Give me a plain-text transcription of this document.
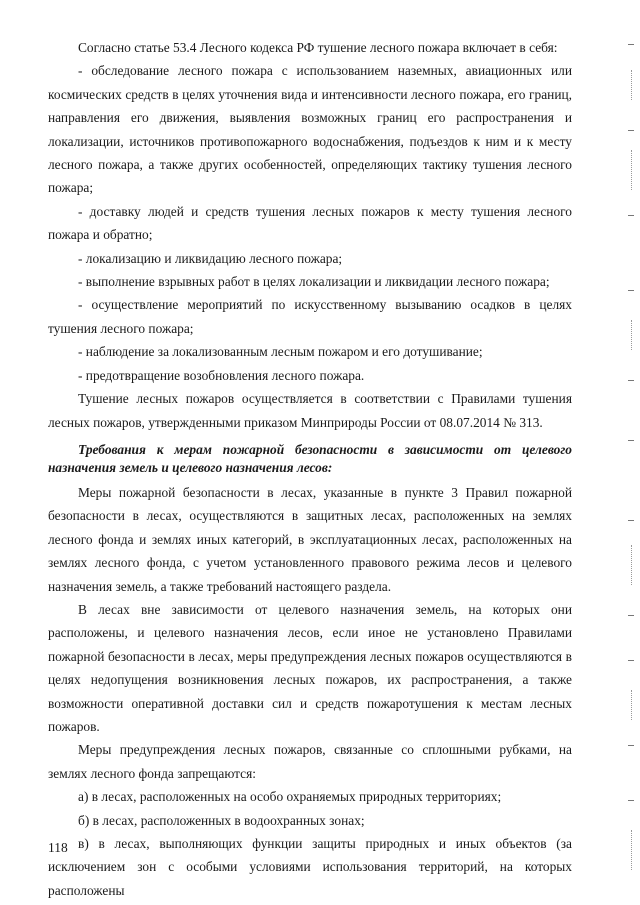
Согласно статье 53.4 Лесного кодекса РФ тушение лесного пожара включает в себя:

- обследование лесного пожара с использованием наземных, авиационных или космических средств в целях уточнения вида и интенсивности лесного пожара, его границ, направления его движения, выявления возможных границ его распространения и локализации, источников противопожарного водоснабжения, подъездов к ним и к месту лесного пожара, а также других особенностей, определяющих тактику тушения лесного пожара;

- доставку людей и средств тушения лесных пожаров к месту тушения лесного пожара и обратно;

- локализацию и ликвидацию лесного пожара;

- выполнение взрывных работ в целях локализации и ликвидации лесного пожара;

- осуществление мероприятий по искусственному вызыванию осадков в целях тушения лесного пожара;

- наблюдение за локализованным лесным пожаром и его дотушивание;

- предотвращение возобновления лесного пожара.

Тушение лесных пожаров осуществляется в соответствии с Правилами тушения лесных пожаров, утвержденными приказом Минприроды России от 08.07.2014 № 313.

Требования к мерам пожарной безопасности в зависимости от целевого назначения земель и целевого назначения лесов:

Меры пожарной безопасности в лесах, указанные в пункте 3 Правил пожарной безопасности в лесах, осуществляются в защитных лесах, расположенных на землях лесного фонда и землях иных категорий, в эксплуатационных лесах, расположенных на землях лесного фонда, с учетом установленного правового режима лесов и целевого назначения земель, а также требований настоящего раздела.

В лесах вне зависимости от целевого назначения земель, на которых они расположены, и целевого назначения лесов, если иное не установлено Правилами пожарной безопасности в лесах, меры предупреждения лесных пожаров осуществляются в целях недопущения возникновения лесных пожаров, их распространения, а также возможности оперативной доставки сил и средств пожаротушения к местам лесных пожаров.

Меры предупреждения лесных пожаров, связанные со сплошными рубками, на землях лесного фонда запрещаются:

а) в лесах, расположенных на особо охраняемых природных территориях;

б) в лесах, расположенных в водоохранных зонах;

в) в лесах, выполняющих функции защиты природных и иных объектов (за исключением зон с особыми условиями использования территорий, на которых расположены

118
